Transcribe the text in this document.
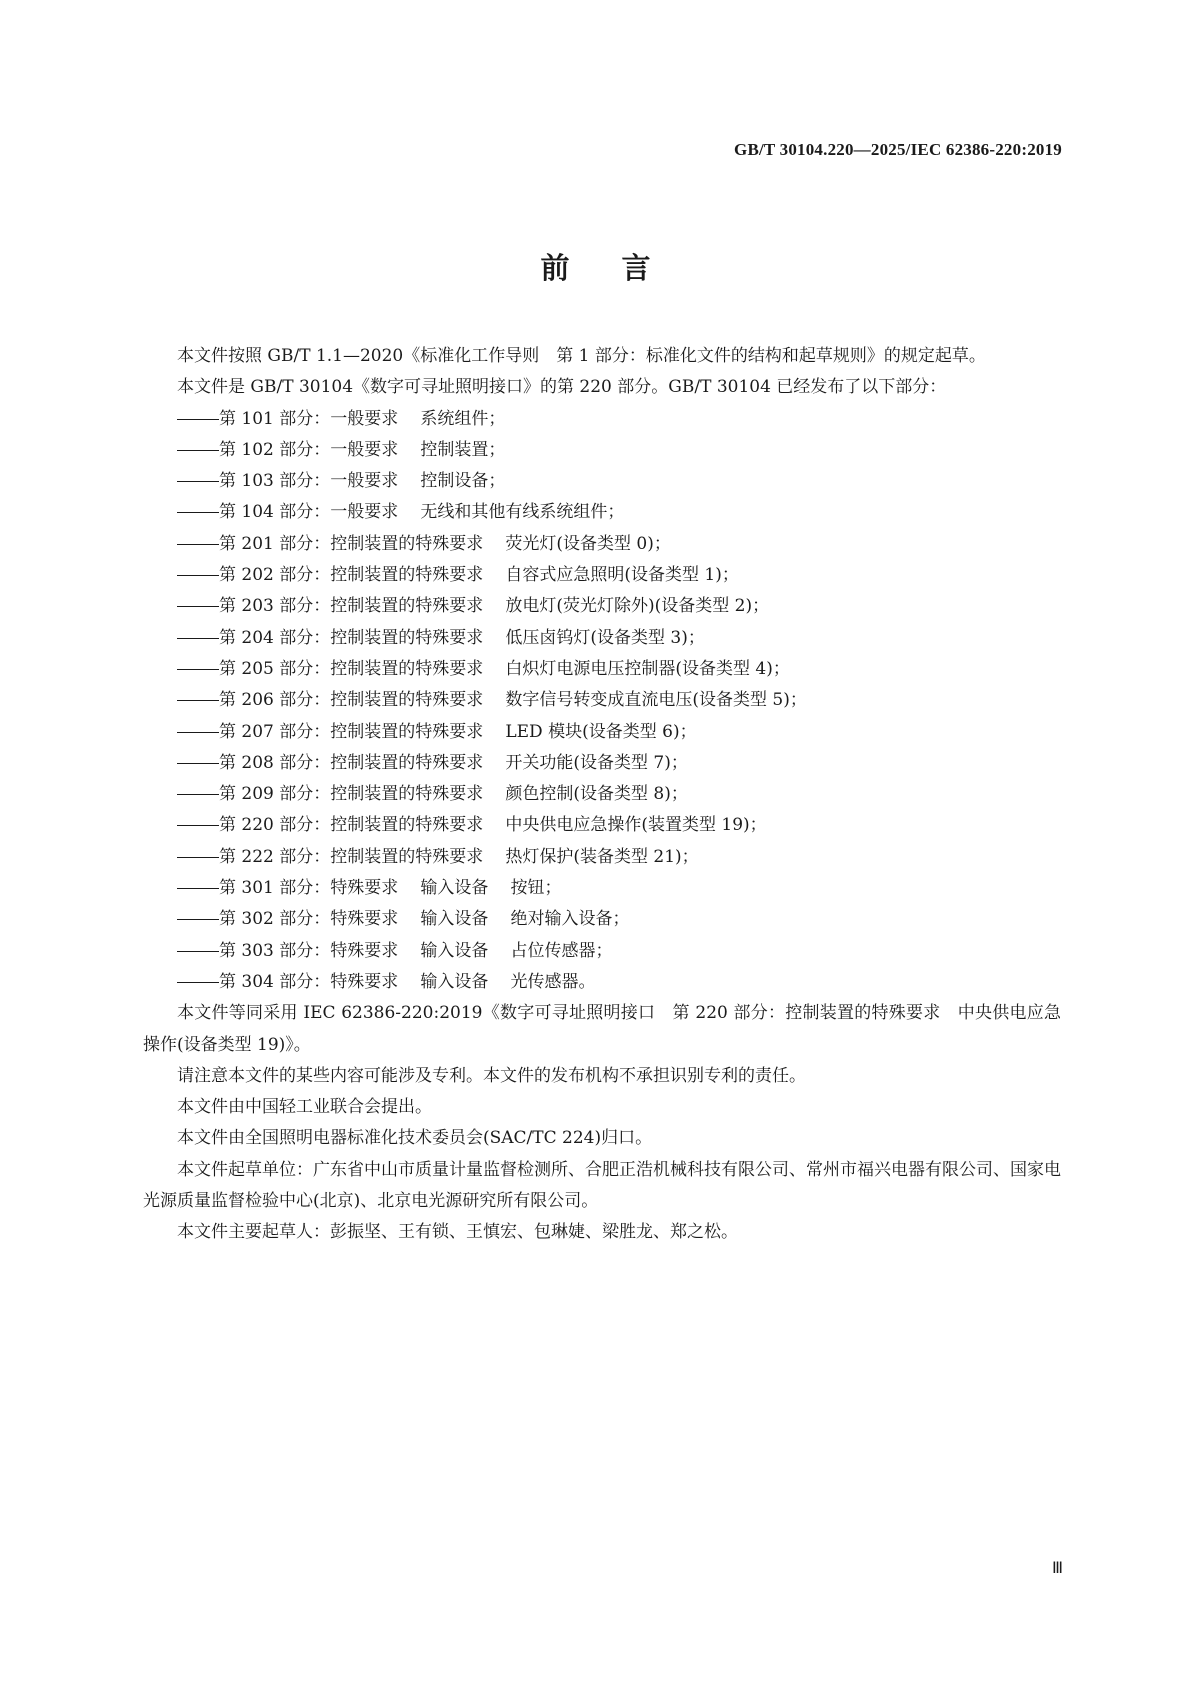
GB/T 30104.220—2025/IEC 62386-220:2019
前言

本文件按照 GB/T 1.1—2020《标准化工作导则　第 1 部分：标准化文件的结构和起草规则》的规定起草。

本文件是 GB/T 30104《数字可寻址照明接口》的第 220 部分。GB/T 30104 已经发布了以下部分：

第 101 部分：一般要求 系统组件；
第 102 部分：一般要求 控制装置；
第 103 部分：一般要求 控制设备；
第 104 部分：一般要求 无线和其他有线系统组件；
第 201 部分：控制装置的特殊要求 荧光灯(设备类型 0)；
第 202 部分：控制装置的特殊要求 自容式应急照明(设备类型 1)；
第 203 部分：控制装置的特殊要求 放电灯(荧光灯除外)(设备类型 2)；
第 204 部分：控制装置的特殊要求 低压卤钨灯(设备类型 3)；
第 205 部分：控制装置的特殊要求 白炽灯电源电压控制器(设备类型 4)；
第 206 部分：控制装置的特殊要求 数字信号转变成直流电压(设备类型 5)；
第 207 部分：控制装置的特殊要求 LED 模块(设备类型 6)；
第 208 部分：控制装置的特殊要求 开关功能(设备类型 7)；
第 209 部分：控制装置的特殊要求 颜色控制(设备类型 8)；
第 220 部分：控制装置的特殊要求 中央供电应急操作(装置类型 19)；
第 222 部分：控制装置的特殊要求 热灯保护(装备类型 21)；
第 301 部分：特殊要求 输入设备 按钮；
第 302 部分：特殊要求 输入设备 绝对输入设备；
第 303 部分：特殊要求 输入设备 占位传感器；
第 304 部分：特殊要求 输入设备 光传感器。

本文件等同采用 IEC 62386-220:2019《数字可寻址照明接口　第 220 部分：控制装置的特殊要求　中央供电应急操作(设备类型 19)》。

请注意本文件的某些内容可能涉及专利。本文件的发布机构不承担识别专利的责任。

本文件由中国轻工业联合会提出。

本文件由全国照明电器标准化技术委员会(SAC/TC 224)归口。

本文件起草单位：广东省中山市质量计量监督检测所、合肥正浩机械科技有限公司、常州市福兴电器有限公司、国家电光源质量监督检验中心(北京)、北京电光源研究所有限公司。

本文件主要起草人：彭振坚、王有锁、王慎宏、包琳婕、梁胜龙、郑之松。

Ⅲ
